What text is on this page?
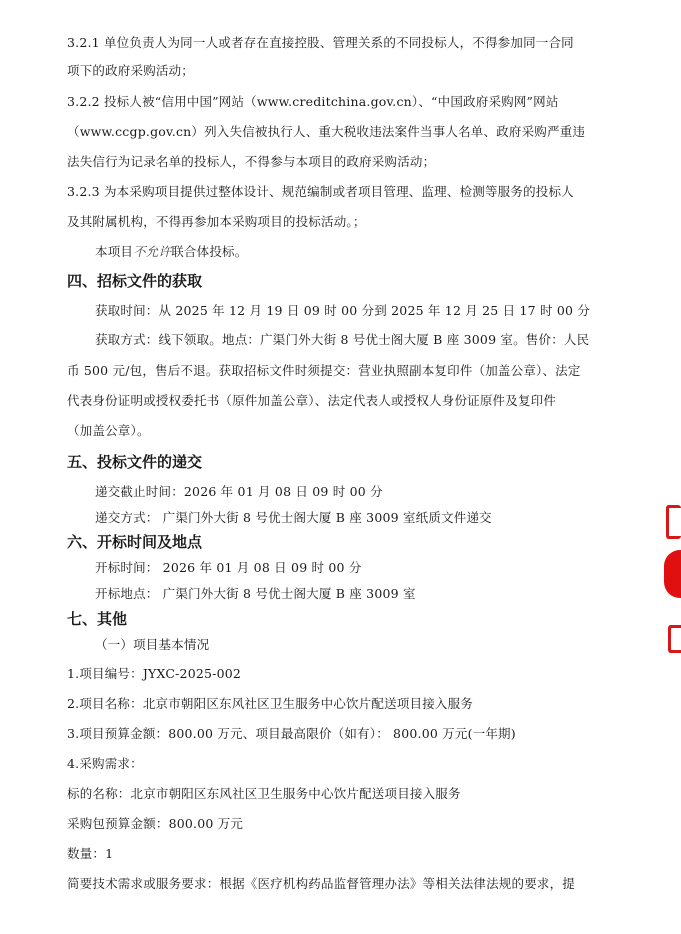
3.2.1 单位负责人为同一人或者存在直接控股、管理关系的不同投标人，不得参加同一合同
项下的政府采购活动；
3.2.2 投标人被“信用中国”网站（www.creditchina.gov.cn）、“中国政府采购网”网站
（www.ccgp.gov.cn）列入失信被执行人、重大税收违法案件当事人名单、政府采购严重违
法失信行为记录名单的投标人，不得参与本项目的政府采购活动；
3.2.3 为本采购项目提供过整体设计、规范编制或者项目管理、监理、检测等服务的投标人
及其附属机构，不得再参加本采购项目的投标活动。；
本项目不允许联合体投标。
四、招标文件的获取
获取时间：从 2025 年 12 月 19 日 09 时 00 分到 2025 年 12 月 25 日 17 时 00 分
获取方式：线下领取。地点：广渠门外大街 8 号优士阁大厦 B 座 3009 室。售价：人民
币 500 元/包，售后不退。获取招标文件时须提交：营业执照副本复印件（加盖公章）、法定
代表身份证明或授权委托书（原件加盖公章）、法定代表人或授权人身份证原件及复印件
（加盖公章）。
五、投标文件的递交
递交截止时间：2026 年 01 月 08 日 09 时 00 分
递交方式： 广渠门外大街 8 号优士阁大厦 B 座 3009 室纸质文件递交
六、开标时间及地点
开标时间： 2026 年 01 月 08 日 09 时 00 分
开标地点： 广渠门外大街 8 号优士阁大厦 B 座 3009 室
七、其他
（一）项目基本情况
1.项目编号：JYXC-2025-002
2.项目名称：北京市朝阳区东风社区卫生服务中心饮片配送项目接入服务
3.项目预算金额：800.00 万元、项目最高限价（如有）： 800.00 万元(一年期)
4.采购需求：
标的名称：北京市朝阳区东风社区卫生服务中心饮片配送项目接入服务
采购包预算金额：800.00 万元
数量：1
简要技术需求或服务要求：根据《医疗机构药品监督管理办法》等相关法律法规的要求，提
